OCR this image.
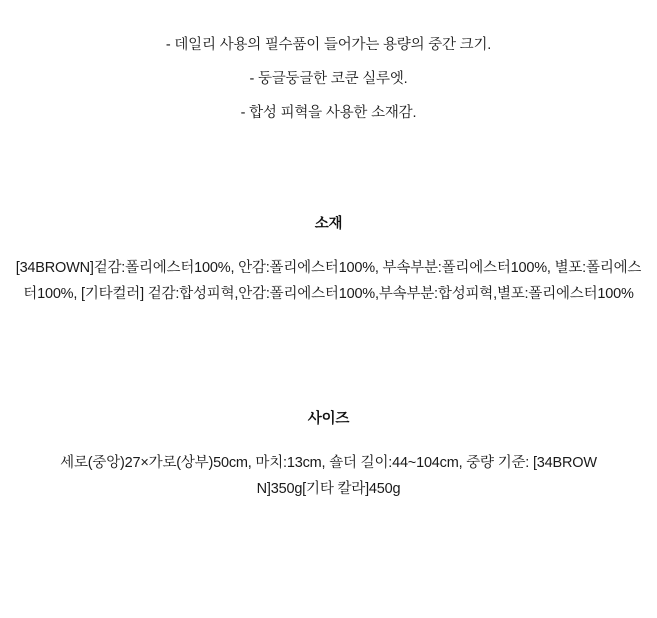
- 데일리 사용의 필수품이 들어가는 용량의 중간 크기.
- 둥글둥글한 코쿤 실루엣.
- 합성 피혁을 사용한 소재감.
소재
[34BROWN]겉감:폴리에스터100%, 안감:폴리에스터100%, 부속부분:폴리에스터100%, 별포:폴리에스터100%, [기타컬러] 겉감:합성피혁,안감:폴리에스터100%,부속부분:합성피혁,별포:폴리에스터100%
사이즈
세로(중앙)27×가로(상부)50cm, 마치:13cm, 숄더 길이:44~104cm, 중량 기준: [34BROWN]350g[기타 칼라]450g
